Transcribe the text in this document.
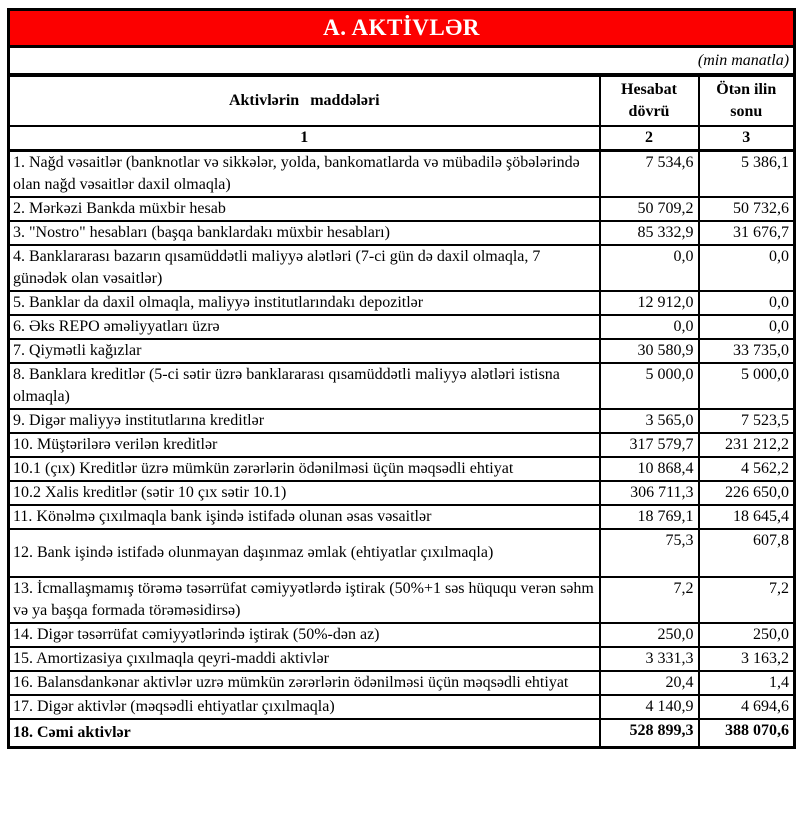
A. AKTİVLƏR		
(min manatla)		
Aktivlərin maddələri	Hesabat dövrü	Ötən ilin sonu
1	2	3
1. Nağd vəsaitlər (banknotlar və sikkələr, yolda, bankomatlarda və mübadilə şöbələrində olan nağd vəsaitlər daxil olmaqla)	7 534,6	5 386,1
2. Mərkəzi Bankda müxbir hesab	50 709,2	50 732,6
3. "Nostro" hesabları (başqa banklardakı müxbir hesabları)	85 332,9	31 676,7
4. Banklararası bazarın qısamüddətli maliyyə alətləri (7-ci gün də daxil olmaqla, 7 günədək olan vəsaitlər)	0,0	0,0
5. Banklar da daxil olmaqla, maliyyə institutlarındakı depozitlər	12 912,0	0,0
6. Əks REPO əməliyyatları üzrə	0,0	0,0
7. Qiymətli kağızlar	30 580,9	33 735,0
8. Banklara kreditlər (5-ci sətir üzrə banklararası qısamüddətli maliyyə alətləri istisna olmaqla)	5 000,0	5 000,0
9. Digər maliyyə institutlarına kreditlər	3 565,0	7 523,5
10. Müştərilərə verilən kreditlər	317 579,7	231 212,2
10.1 (çıx) Kreditlər üzrə mümkün zərərlərin ödənilməsi üçün məqsədli ehtiyat	10 868,4	4 562,2
10.2 Xalis kreditlər (sətir 10 çıx sətir 10.1)	306 711,3	226 650,0
11. Könəlmə çıxılmaqla bank işində istifadə olunan əsas vəsaitlər	18 769,1	18 645,4
12. Bank işində istifadə olunmayan daşınmaz əmlak (ehtiyatlar çıxılmaqla)	75,3	607,8
13. İcmallaşmamış törəmə təsərrüfat cəmiyyətlərdə iştirak (50%+1 səs hüququ verən səhm və ya başqa formada törəməsidirsə)	7,2	7,2
14. Digər təsərrüfat cəmiyyətlərində iştirak (50%-dən az)	250,0	250,0
15. Amortizasiya çıxılmaqla qeyri-maddi aktivlər	3 331,3	3 163,2
16. Balansdankənar aktivlər uzrə mümkün zərərlərin ödənilməsi üçün məqsədli ehtiyat	20,4	1,4
17. Digər aktivlər (məqsədli ehtiyatlar çıxılmaqla)	4 140,9	4 694,6
18. Cəmi aktivlər	528 899,3	388 070,6
